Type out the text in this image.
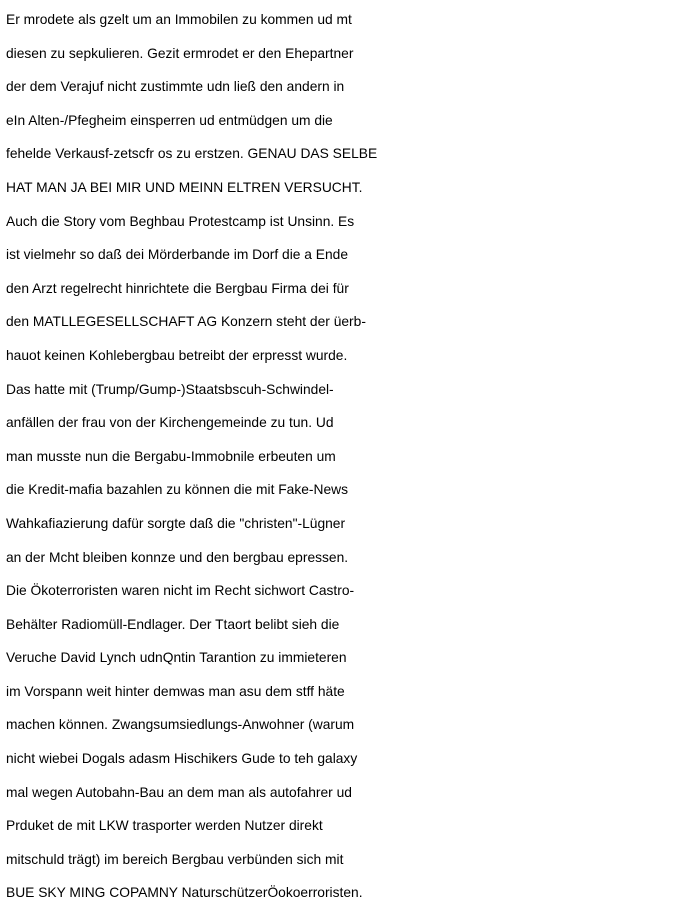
Er mrodete als gzelt um an Immobilen zu kommen ud mt
diesen zu sepkulieren. Gezit ermrodet er den Ehepartner
der dem Verajuf nicht zustimmte udn ließ den andern in
eIn Alten-/Pfegheim einsperren ud entmüdgen um die
fehelde Verkausf-zetscfr os zu erstzen. GENAU DAS SELBE
HAT MAN JA BEI MIR UND MEINN ELTREN VERSUCHT.
Auch die Story vom Beghbau Protestcamp ist Unsinn. Es
ist vielmehr so daß dei Mörderbande im Dorf die a Ende
den Arzt regelrecht hinrichtete die Bergbau Firma dei für
den MATLLEGESELLSCHAFT AG Konzern steht der üerb-
hauot keinen Kohlebergbau betreibt der erpresst wurde.
Das hatte mit (Trump/Gump-)Staatsbscuh-Schwindel-
anfällen der frau von der Kirchengemeinde zu tun. Ud
man musste nun die Bergabu-Immobnile erbeuten um
die Kredit-mafia bazahlen zu können die mit Fake-News
Wahkafiazierung dafür sorgte daß die "christen"-Lügner
an der Mcht bleiben konnze und den bergbau epressen.
Die Ökoterroristen waren nicht im Recht sichwort Castro-
Behälter Radiomüll-Endlager. Der Ttaort belibt sieh die
Veruche David Lynch udnQntin Tarantion zu immieteren
im Vorspann weit hinter demwas man asu dem stff häte
machen können. Zwangsumsiedlungs-Anwohner (warum
nicht wiebei Dogals adasm Hischikers Gude to teh galaxy
mal wegen Autobahn-Bau an dem man als autofahrer ud
Prduket de mit LKW trasporter werden Nutzer direkt
mitschuld trägt) im bereich Bergbau verbünden sich mit
BUE SKY MING COPAMNY NaturschützerÖokoerroristen.
